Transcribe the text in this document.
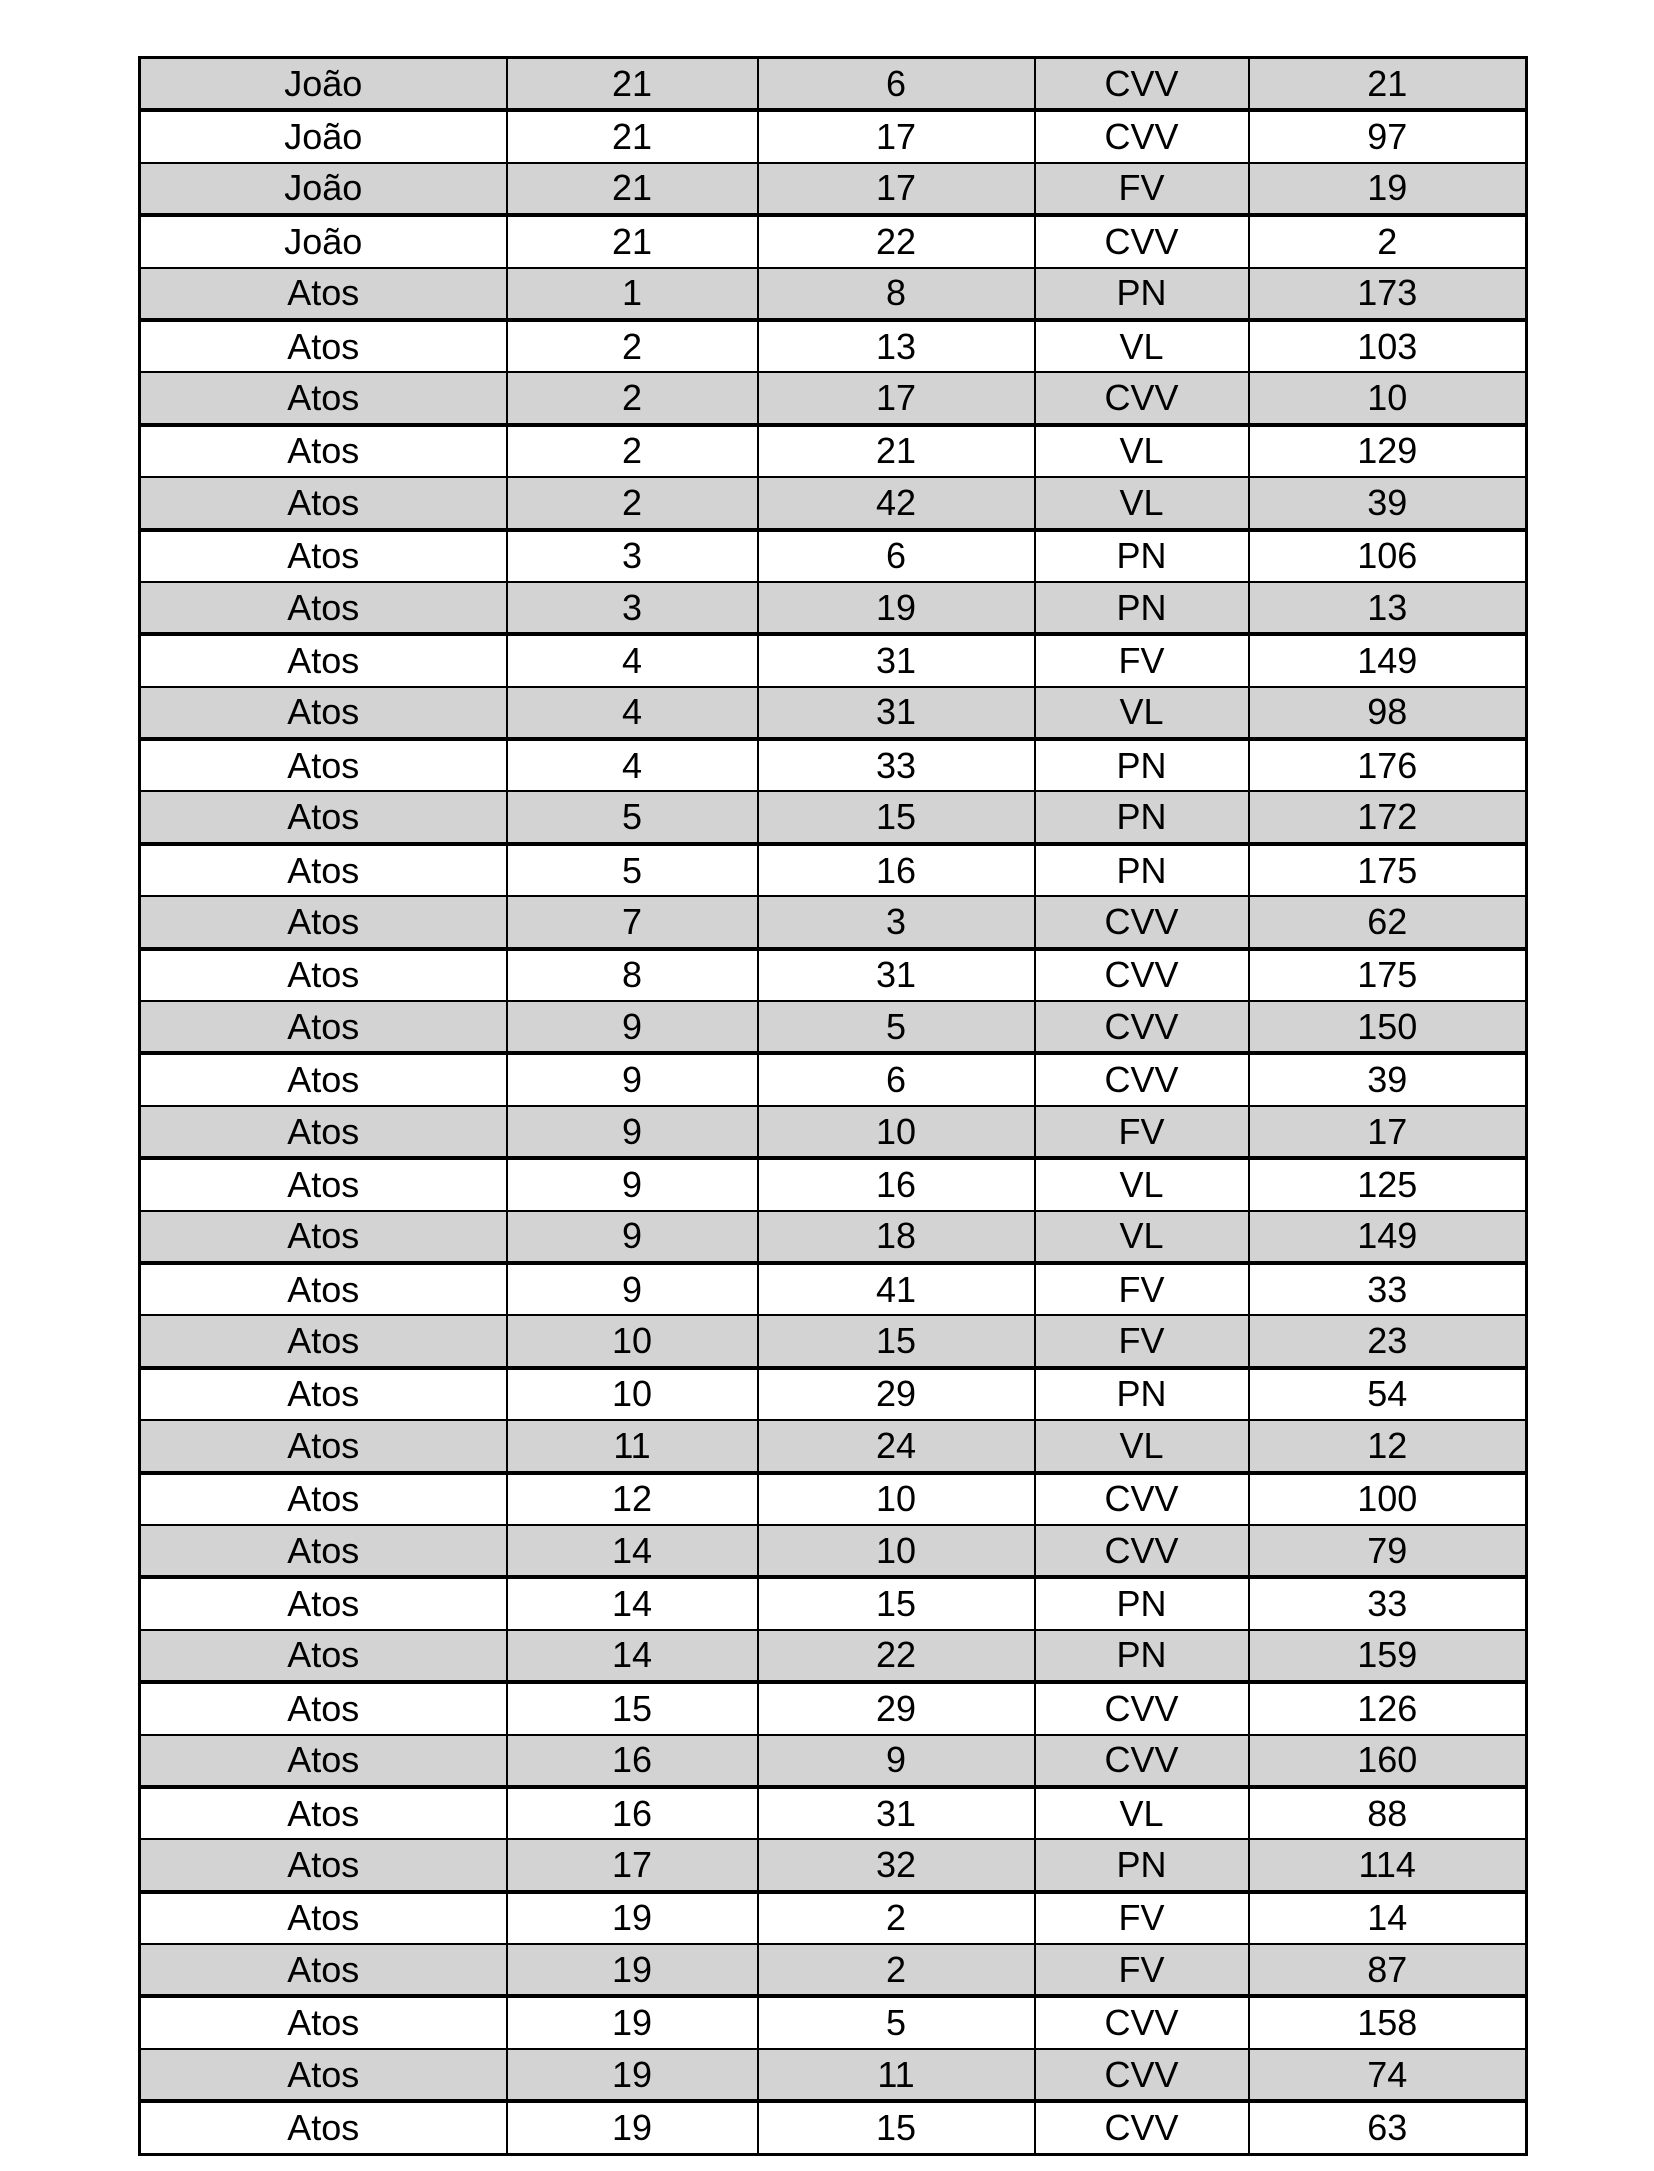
João	21	6	CVV	21
João	21	17	CVV	97
João	21	17	FV	19
João	21	22	CVV	2
Atos	1	8	PN	173
Atos	2	13	VL	103
Atos	2	17	CVV	10
Atos	2	21	VL	129
Atos	2	42	VL	39
Atos	3	6	PN	106
Atos	3	19	PN	13
Atos	4	31	FV	149
Atos	4	31	VL	98
Atos	4	33	PN	176
Atos	5	15	PN	172
Atos	5	16	PN	175
Atos	7	3	CVV	62
Atos	8	31	CVV	175
Atos	9	5	CVV	150
Atos	9	6	CVV	39
Atos	9	10	FV	17
Atos	9	16	VL	125
Atos	9	18	VL	149
Atos	9	41	FV	33
Atos	10	15	FV	23
Atos	10	29	PN	54
Atos	11	24	VL	12
Atos	12	10	CVV	100
Atos	14	10	CVV	79
Atos	14	15	PN	33
Atos	14	22	PN	159
Atos	15	29	CVV	126
Atos	16	9	CVV	160
Atos	16	31	VL	88
Atos	17	32	PN	114
Atos	19	2	FV	14
Atos	19	2	FV	87
Atos	19	5	CVV	158
Atos	19	11	CVV	74
Atos	19	15	CVV	63
